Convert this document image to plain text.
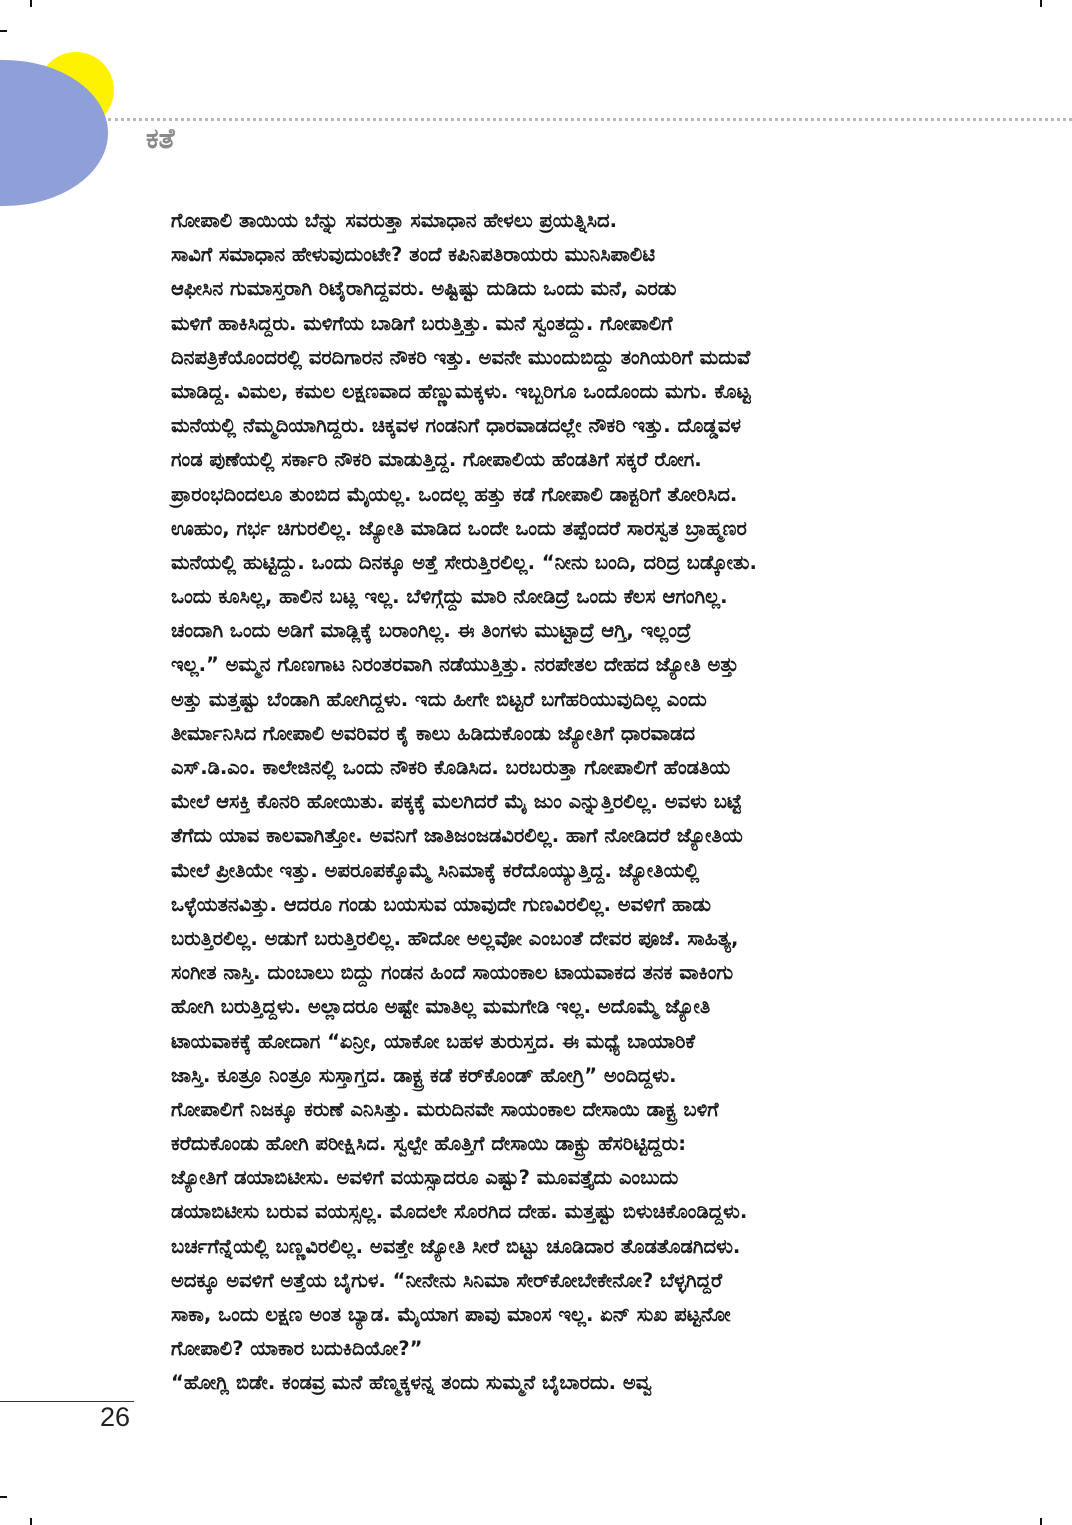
ಕತೆ
ಗೋಪಾಲಿ ತಾಯಿಯ ಬೆನ್ನು ಸವರುತ್ತಾ ಸಮಾಧಾನ ಹೇಳಲು ಪ್ರಯತ್ನಿಸಿದ.
ಸಾವಿಗೆ ಸಮಾಧಾನ ಹೇಳುವುದುಂಟೇ? ತಂದೆ ಕಪಿನಿಪತಿರಾಯರು ಮುನಿಸಿಪಾಲಿಟಿ
ಆಫೀಸಿನ ಗುಮಾಸ್ತರಾಗಿ ರಿಟೈರಾಗಿದ್ದವರು. ಅಷ್ಟಿಷ್ಟು ದುಡಿದು ಒಂದು ಮನೆ, ಎರಡು
ಮಳಿಗೆ ಹಾಕಿಸಿದ್ದರು. ಮಳಿಗೆಯ ಬಾಡಿಗೆ ಬರುತ್ತಿತ್ತು. ಮನೆ ಸ್ವಂತದ್ದು. ಗೋಪಾಲಿಗೆ
ದಿನಪತ್ರಿಕೆಯೊಂದರಲ್ಲಿ ವರದಿಗಾರನ ನೌಕರಿ ಇತ್ತು. ಅವನೇ ಮುಂದುಬಿದ್ದು ತಂಗಿಯರಿಗೆ ಮದುವೆ
ಮಾಡಿದ್ದ. ವಿಮಲ, ಕಮಲ ಲಕ್ಷಣವಾದ ಹೆಣ್ಣುಮಕ್ಕಳು. ಇಬ್ಬರಿಗೂ ಒಂದೊಂದು ಮಗು. ಕೊಟ್ಟ
ಮನೆಯಲ್ಲಿ ನೆಮ್ಮದಿಯಾಗಿದ್ದರು. ಚಿಕ್ಕವಳ ಗಂಡನಿಗೆ ಧಾರವಾಡದಲ್ಲೇ ನೌಕರಿ ಇತ್ತು. ದೊಡ್ಡವಳ
ಗಂಡ ಪುಣೆಯಲ್ಲಿ ಸರ್ಕಾರಿ ನೌಕರಿ ಮಾಡುತ್ತಿದ್ದ. ಗೋಪಾಲಿಯ ಹೆಂಡತಿಗೆ ಸಕ್ಕರೆ ರೋಗ.
ಪ್ರಾರಂಭದಿಂದಲೂ ತುಂಬಿದ ಮೈಯಲ್ಲ. ಒಂದಲ್ಲ ಹತ್ತು ಕಡೆ ಗೋಪಾಲಿ ಡಾಕ್ಟರಿಗೆ ತೋರಿಸಿದ.
ಊಹುಂ, ಗರ್ಭ ಚಿಗುರಲಿಲ್ಲ. ಜ್ಯೋತಿ ಮಾಡಿದ ಒಂದೇ ಒಂದು ತಪ್ಪೆಂದರೆ ಸಾರಸ್ವತ ಬ್ರಾಹ್ಮಣರ
ಮನೆಯಲ್ಲಿ ಹುಟ್ಟಿದ್ದು. ಒಂದು ದಿನಕ್ಕೂ ಅತ್ತೆ ಸೇರುತ್ತಿರಲಿಲ್ಲ. “ನೀನು ಬಂದಿ, ದರಿದ್ರ ಬಡ್ಕೋತು.
ಒಂದು ಕೂಸಿಲ್ಲ, ಹಾಲಿನ ಬಟ್ಲ ಇಲ್ಲ. ಬೆಳಿಗ್ಗೆದ್ದು ಮಾರಿ ನೋಡಿದ್ರೆ ಒಂದು ಕೆಲಸ ಆಗಂಗಿಲ್ಲ.
ಚಂದಾಗಿ ಒಂದು ಅಡಿಗೆ ಮಾಡ್ಲಿಕ್ಕೆ ಬರಾಂಗಿಲ್ಲ. ಈ ತಿಂಗಳು ಮುಟ್ಟಾದ್ರೆ ಆಗ್ತಿ, ಇಲ್ಲಂದ್ರೆ
ಇಲ್ಲ.” ಅಮ್ಮನ ಗೊಣಗಾಟ ನಿರಂತರವಾಗಿ ನಡೆಯುತ್ತಿತ್ತು. ನರಪೇತಲ ದೇಹದ ಜ್ಯೋತಿ ಅತ್ತು
ಅತ್ತು ಮತ್ತಷ್ಟು ಬೆಂಡಾಗಿ ಹೋಗಿದ್ದಳು. ಇದು ಹೀಗೇ ಬಿಟ್ಟರೆ ಬಗೆಹರಿಯುವುದಿಲ್ಲ ಎಂದು
ತೀರ್ಮಾನಿಸಿದ ಗೋಪಾಲಿ ಅವರಿವರ ಕೈ ಕಾಲು ಹಿಡಿದುಕೊಂಡು ಜ್ಯೋತಿಗೆ ಧಾರವಾಡದ
ಎಸ್.ಡಿ.ಎಂ. ಕಾಲೇಜಿನಲ್ಲಿ ಒಂದು ನೌಕರಿ ಕೊಡಿಸಿದ. ಬರಬರುತ್ತಾ ಗೋಪಾಲಿಗೆ ಹೆಂಡತಿಯ
ಮೇಲೆ ಆಸಕ್ತಿ ಕೊನರಿ ಹೋಯಿತು. ಪಕ್ಕಕ್ಕೆ ಮಲಗಿದರೆ ಮೈ ಜುಂ ಎನ್ನುತ್ತಿರಲಿಲ್ಲ. ಅವಳು ಬಟ್ಟೆ
ತೆಗೆದು ಯಾವ ಕಾಲವಾಗಿತ್ತೋ. ಅವನಿಗೆ ಜಾತಿಜಂಜಡವಿರಲಿಲ್ಲ. ಹಾಗೆ ನೋಡಿದರೆ ಜ್ಯೋತಿಯ
ಮೇಲೆ ಪ್ರೀತಿಯೇ ಇತ್ತು. ಅಪರೂಪಕ್ಕೊಮ್ಮೆ ಸಿನಿಮಾಕ್ಕೆ ಕರೆದೊಯ್ಯುತ್ತಿದ್ದ. ಜ್ಯೋತಿಯಲ್ಲಿ
ಒಳ್ಳೆಯತನವಿತ್ತು. ಆದರೂ ಗಂಡು ಬಯಸುವ ಯಾವುದೇ ಗುಣವಿರಲಿಲ್ಲ. ಅವಳಿಗೆ ಹಾಡು
ಬರುತ್ತಿರಲಿಲ್ಲ. ಅಡುಗೆ ಬರುತ್ತಿರಲಿಲ್ಲ. ಹೌದೋ ಅಲ್ಲವೋ ಎಂಬಂತೆ ದೇವರ ಪೂಜೆ. ಸಾಹಿತ್ಯ,
ಸಂಗೀತ ನಾಸ್ತಿ. ದುಂಬಾಲು ಬಿದ್ದು ಗಂಡನ ಹಿಂದೆ ಸಾಯಂಕಾಲ ಟಾಯವಾಕದ ತನಕ ವಾಕಿಂಗು
ಹೋಗಿ ಬರುತ್ತಿದ್ದಳು. ಅಲ್ಲಾದರೂ ಅಷ್ಟೇ ಮಾತಿಲ್ಲ ಮಮಗೇಡಿ ಇಲ್ಲ. ಅದೊಮ್ಮೆ ಜ್ಯೋತಿ
ಟಾಯವಾಕಕ್ಕೆ ಹೋದಾಗ “ಏನ್ರೀ, ಯಾಕೋ ಬಹಳ ತುರುಸ್ತದ. ಈ ಮಧ್ಯೆ ಬಾಯಾರಿಕೆ
ಜಾಸ್ತಿ. ಕೂತ್ರೂ ನಿಂತ್ರೂ ಸುಸ್ತಾಗ್ತದ. ಡಾಕ್ಟ್ರ ಕಡೆ ಕರ್‌ಕೊಂಡ್ ಹೋಗ್ರಿ” ಅಂದಿದ್ದಳು.
ಗೋಪಾಲಿಗೆ ನಿಜಕ್ಕೂ ಕರುಣೆ ಎನಿಸಿತ್ತು. ಮರುದಿನವೇ ಸಾಯಂಕಾಲ ದೇಸಾಯಿ ಡಾಕ್ಟ್ರ ಬಳಿಗೆ
ಕರೆದುಕೊಂಡು ಹೋಗಿ ಪರೀಕ್ಷಿಸಿದ. ಸ್ವಲ್ಪೇ ಹೊತ್ತಿಗೆ ದೇಸಾಯಿ ಡಾಕ್ಟ್ರು ಹೆಸರಿಟ್ಟಿದ್ದರು:
ಜ್ಯೋತಿಗೆ ಡಯಾಬಿಟೀಸು. ಅವಳಿಗೆ ವಯಸ್ಸಾದರೂ ಎಷ್ಟು? ಮೂವತ್ತೈದು ಎಂಬುದು
ಡಯಾಬಿಟೀಸು ಬರುವ ವಯಸ್ಸಲ್ಲ. ಮೊದಲೇ ಸೊರಗಿದ ದೇಹ. ಮತ್ತಷ್ಟು ಬಿಳುಚಿಕೊಂಡಿದ್ದಳು.
ಬರ್ಚಗೆನ್ನೆಯಲ್ಲಿ ಬಣ್ಣವಿರಲಿಲ್ಲ. ಅವತ್ತೇ ಜ್ಯೋತಿ ಸೀರೆ ಬಿಟ್ಟು ಚೂಡಿದಾರ ತೊಡತೊಡಗಿದಳು.
ಅದಕ್ಕೂ ಅವಳಿಗೆ ಅತ್ತೆಯ ಬೈಗುಳ. “ನೀನೇನು ಸಿನಿಮಾ ಸೇರ್‌ಕೋಬೇಕೇನೋ? ಬೆಳ್ಳಗಿದ್ದರೆ
ಸಾಕಾ, ಒಂದು ಲಕ್ಷಣ ಅಂತ ಬ್ಯಾಡ. ಮೈಯಾಗ ಪಾವು ಮಾಂಸ ಇಲ್ಲ. ಏನ್ ಸುಖ ಪಟ್ಟನೋ
ಗೋಪಾಲಿ? ಯಾಕಾರ ಬದುಕಿದಿಯೋ?”
“ಹೋಗ್ಲಿ ಬಿಡೇ. ಕಂಡವ್ರ ಮನೆ ಹೆಣ್ಮಕ್ಕಳನ್ನ ತಂದು ಸುಮ್ಮನೆ ಬೈಬಾರದು. ಅವ್ವ
26
